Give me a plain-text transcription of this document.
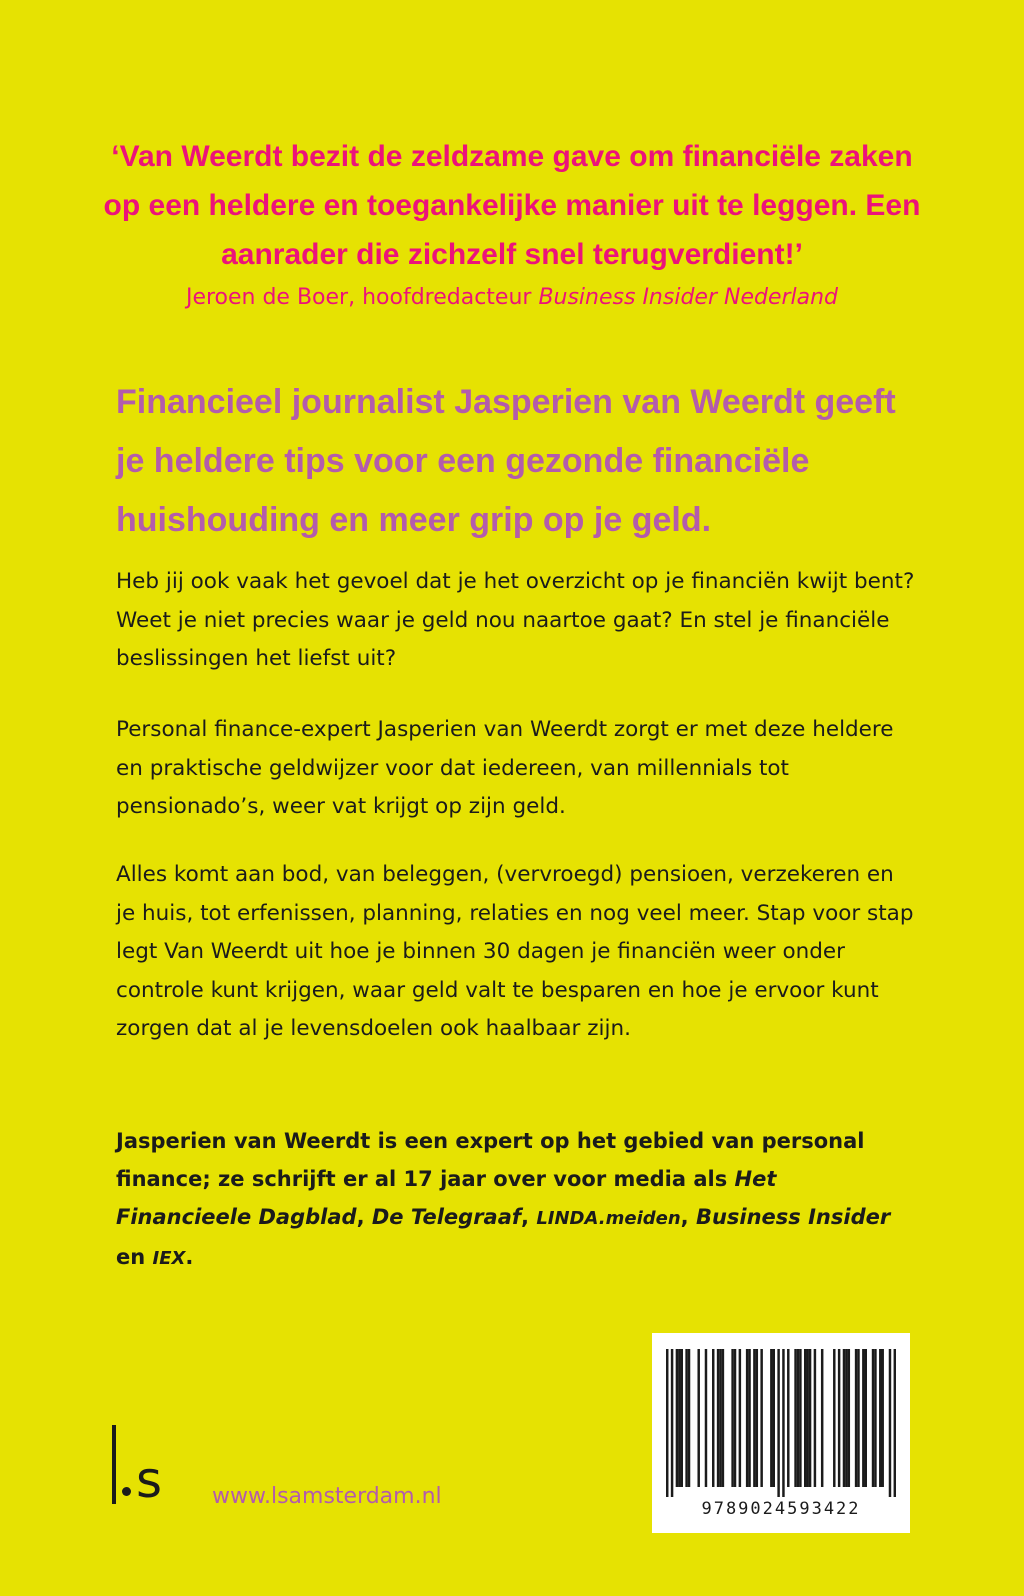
‘Van Weerdt bezit de zeldzame gave om financiële zaken op een heldere en toegankelijke manier uit te leggen. Een aanrader die zichzelf snel terugverdient!’
Jeroen de Boer, hoofdredacteur Business Insider Nederland
Financieel journalist Jasperien van Weerdt geeft je heldere tips voor een gezonde financiële huishouding en meer grip op je geld.
Heb jij ook vaak het gevoel dat je het overzicht op je financiën kwijt bent? Weet je niet precies waar je geld nou naartoe gaat? En stel je financiële beslissingen het liefst uit?
Personal finance-expert Jasperien van Weerdt zorgt er met deze heldere en praktische geldwijzer voor dat iedereen, van millennials tot pensionado’s, weer vat krijgt op zijn geld.
Alles komt aan bod, van beleggen, (vervroegd) pensioen, verzekeren en je huis, tot erfenissen, planning, relaties en nog veel meer. Stap voor stap legt Van Weerdt uit hoe je binnen 30 dagen je financiën weer onder controle kunt krijgen, waar geld valt te besparen en hoe je ervoor kunt zorgen dat al je levensdoelen ook haalbaar zijn.
Jasperien van Weerdt is een expert op het gebied van personal finance; ze schrijft er al 17 jaar over voor media als Het Financieele Dagblad, De Telegraaf, LINDA.meiden, Business Insider en IEX.
s www.lsamsterdam.nl	9789024593422
